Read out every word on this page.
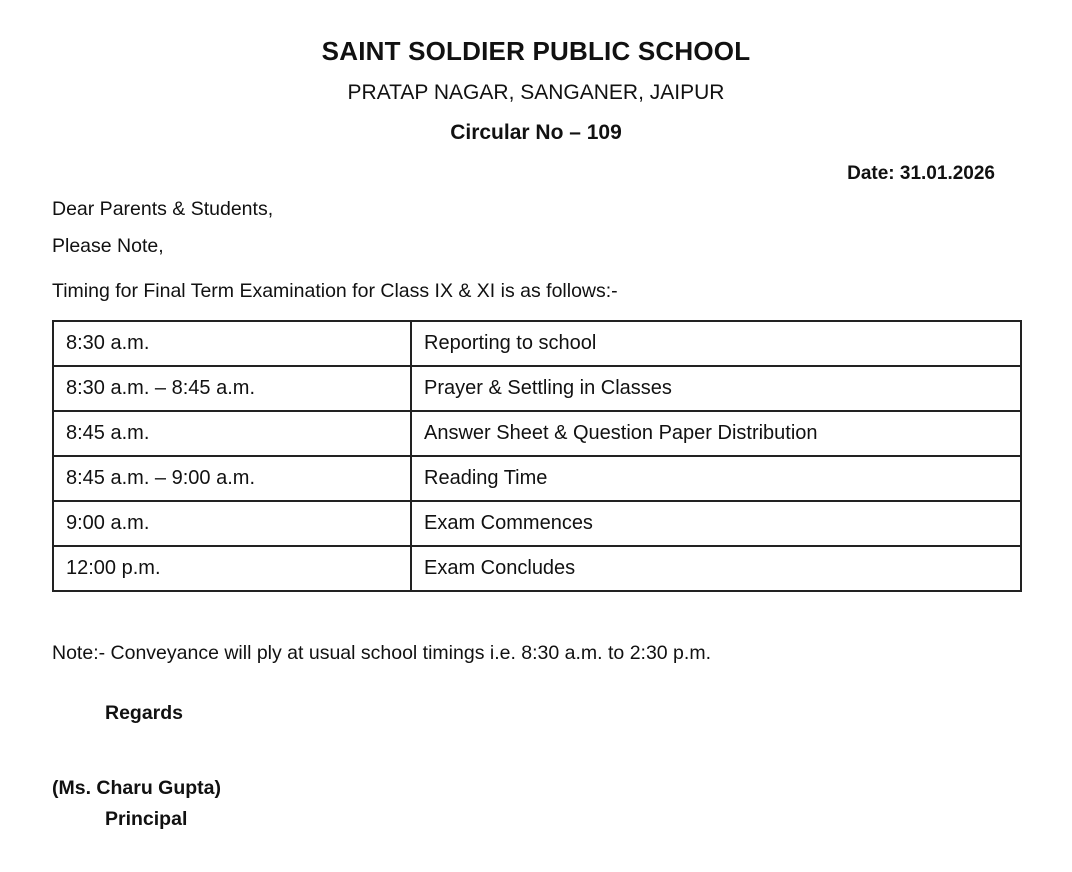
SAINT SOLDIER PUBLIC SCHOOL
PRATAP NAGAR, SANGANER, JAIPUR
Circular No – 109
Date: 31.01.2026
Dear Parents & Students,
Please Note,
Timing for Final Term Examination for Class IX & XI is as follows:-
8:30 a.m.	Reporting to school
8:30 a.m. – 8:45 a.m.	Prayer & Settling in Classes
8:45 a.m.	Answer Sheet & Question Paper Distribution
8:45 a.m. – 9:00 a.m.	Reading Time
9:00 a.m.	Exam Commences
12:00 p.m.	Exam Concludes
Note:- Conveyance will ply at usual school timings i.e. 8:30 a.m. to 2:30 p.m.
Regards
(Ms. Charu Gupta)
Principal
